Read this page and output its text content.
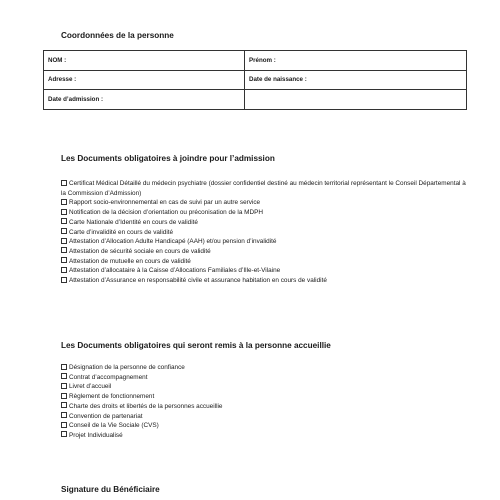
Coordonnées de la personne
NOM :	Prénom :
Adresse :	Date de naissance :
Date d’admission :	
Les Documents obligatoires à joindre pour l’admission
Certificat Médical Détaillé du médecin psychiatre (dossier confidentiel destiné au médecin territorial représentant le Conseil Départemental à la Commission d’Admission)
Rapport socio-environnemental en cas de suivi par un autre service
Notification de la décision d’orientation ou préconisation de la MDPH
Carte Nationale d’Identité en cours de validité
Carte d’invalidité en cours de validité
Attestation d’Allocation Adulte Handicapé (AAH) et/ou pension d’invalidité
Attestation de sécurité sociale en cours de validité
Attestation de mutuelle en cours de validité
Attestation d’allocataire à la Caisse d’Allocations Familiales d’Ille-et-Vilaine
Attestation d’Assurance en responsabilité civile et assurance habitation en cours de validité
Les Documents obligatoires qui seront remis à la personne accueillie
Désignation de la personne de confiance
Contrat d’accompagnement
Livret d’accueil
Règlement de fonctionnement
Charte des droits et libertés de la personnes accueillie
Convention de partenariat
Conseil de la Vie Sociale (CVS)
Projet Individualisé
Signature du Bénéficiaire
